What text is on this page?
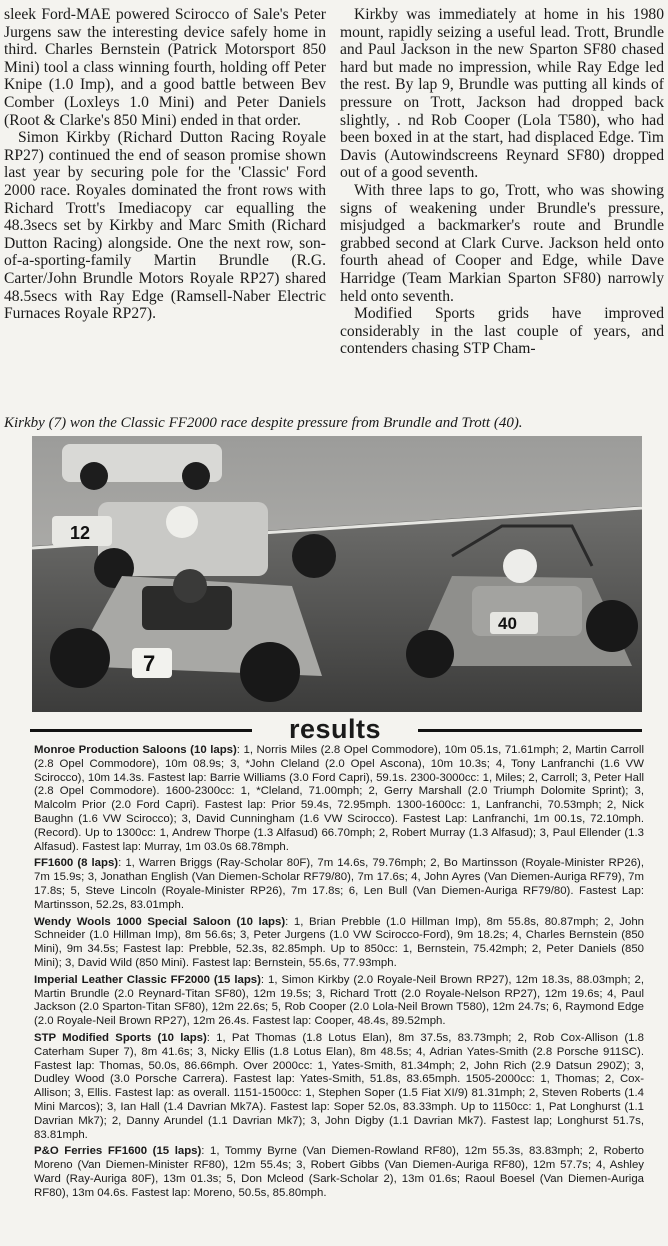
sleek Ford-MAE powered Scirocco of Sale's Peter Jurgens saw the interesting device safely home in third. Charles Bernstein (Patrick Motorsport 850 Mini) tool a class winning fourth, holding off Peter Knipe (1.0 Imp), and a good battle between Bev Comber (Loxleys 1.0 Mini) and Peter Daniels (Root & Clarke's 850 Mini) ended in that order.

Simon Kirkby (Richard Dutton Racing Royale RP27) continued the end of season promise shown last year by securing pole for the 'Classic' Ford 2000 race. Royales dominated the front rows with Richard Trott's Imediacopy car equalling the 48.3secs set by Kirkby and Marc Smith (Richard Dutton Racing) alongside. One the next row, son-of-a-sporting-family Martin Brundle (R.G. Carter/John Brundle Motors Royale RP27) shared 48.5secs with Ray Edge (Ramsell-Naber Electric Furnaces Royale RP27).

Kirkby was immediately at home in his 1980 mount, rapidly seizing a useful lead. Trott, Brundle and Paul Jackson in the new Sparton SF80 chased hard but made no impression, while Ray Edge led the rest. By lap 9, Brundle was putting all kinds of pressure on Trott, Jackson had dropped back slightly, . nd Rob Cooper (Lola T580), who had been boxed in at the start, had displaced Edge. Tim Davis (Autowindscreens Reynard SF80) dropped out of a good seventh.

With three laps to go, Trott, who was showing signs of weakening under Brundle's pressure, misjudged a backmarker's route and Brundle grabbed second at Clark Curve. Jackson held onto fourth ahead of Cooper and Edge, while Dave Harridge (Team Markian Sparton SF80) narrowly held onto seventh.

Modified Sports grids have improved considerably in the last couple of years, and contenders chasing STP Cham-

Kirkby (7) won the Classic FF2000 race despite pressure from Brundle and Trott (40).
12
7
40
results

Monroe Production Saloons (10 laps): 1, Norris Miles (2.8 Opel Commodore), 10m 05.1s, 71.61mph; 2, Martin Carroll (2.8 Opel Commodore), 10m 08.9s; 3, *John Cleland (2.0 Opel Ascona), 10m 10.3s; 4, Tony Lanfranchi (1.6 VW Scirocco), 10m 14.3s. Fastest lap: Barrie Williams (3.0 Ford Capri), 59.1s. 2300-3000cc: 1, Miles; 2, Carroll; 3, Peter Hall (2.8 Opel Commodore). 1600-2300cc: 1, *Cleland, 71.00mph; 2, Gerry Marshall (2.0 Triumph Dolomite Sprint); 3, Malcolm Prior (2.0 Ford Capri). Fastest lap: Prior 59.4s, 72.95mph. 1300-1600cc: 1, Lanfranchi, 70.53mph; 2, Nick Baughn (1.6 VW Scirocco); 3, David Cunningham (1.6 VW Scirocco). Fastest Lap: Lanfranchi, 1m 00.1s, 72.10mph. (Record). Up to 1300cc: 1, Andrew Thorpe (1.3 Alfasud) 66.70mph; 2, Robert Murray (1.3 Alfasud); 3, Paul Ellender (1.3 Alfasud). Fastest lap: Murray, 1m 03.0s 68.78mph.

FF1600 (8 laps): 1, Warren Briggs (Ray-Scholar 80F), 7m 14.6s, 79.76mph; 2, Bo Martinsson (Royale-Minister RP26), 7m 15.9s; 3, Jonathan English (Van Diemen-Scholar RF79/80), 7m 17.6s; 4, John Ayres (Van Diemen-Auriga RF79), 7m 17.8s; 5, Steve Lincoln (Royale-Minister RP26), 7m 17.8s; 6, Len Bull (Van Diemen-Auriga RF79/80). Fastest Lap: Martinsson, 52.2s, 83.01mph.

Wendy Wools 1000 Special Saloon (10 laps): 1, Brian Prebble (1.0 Hillman Imp), 8m 55.8s, 80.87mph; 2, John Schneider (1.0 Hillman Imp), 8m 56.6s; 3, Peter Jurgens (1.0 VW Scirocco-Ford), 9m 18.2s; 4, Charles Bernstein (850 Mini), 9m 34.5s; Fastest lap: Prebble, 52.3s, 82.85mph. Up to 850cc: 1, Bernstein, 75.42mph; 2, Peter Daniels (850 Mini); 3, David Wild (850 Mini). Fastest lap: Bernstein, 55.6s, 77.93mph.

Imperial Leather Classic FF2000 (15 laps): 1, Simon Kirkby (2.0 Royale-Neil Brown RP27), 12m 18.3s, 88.03mph; 2, Martin Brundle (2.0 Reynard-Titan SF80), 12m 19.5s; 3, Richard Trott (2.0 Royale-Nelson RP27), 12m 19.6s; 4, Paul Jackson (2.0 Sparton-Titan SF80), 12m 22.6s; 5, Rob Cooper (2.0 Lola-Neil Brown T580), 12m 24.7s; 6, Raymond Edge (2.0 Royale-Neil Brown RP27), 12m 26.4s. Fastest lap: Cooper, 48.4s, 89.52mph.

STP Modified Sports (10 laps): 1, Pat Thomas (1.8 Lotus Elan), 8m 37.5s, 83.73mph; 2, Rob Cox-Allison (1.8 Caterham Super 7), 8m 41.6s; 3, Nicky Ellis (1.8 Lotus Elan), 8m 48.5s; 4, Adrian Yates-Smith (2.8 Porsche 911SC). Fastest lap: Thomas, 50.0s, 86.66mph. Over 2000cc: 1, Yates-Smith, 81.34mph; 2, John Rich (2.9 Datsun 290Z); 3, Dudley Wood (3.0 Porsche Carrera). Fastest lap: Yates-Smith, 51.8s, 83.65mph. 1505-2000cc: 1, Thomas; 2, Cox-Allison; 3, Ellis. Fastest lap: as overall. 1151-1500cc: 1, Stephen Soper (1.5 Fiat XI/9) 81.31mph; 2, Steven Roberts (1.4 Mini Marcos); 3, Ian Hall (1.4 Davrian Mk7A). Fastest lap: Soper 52.0s, 83.33mph. Up to 1150cc: 1, Pat Longhurst (1.1 Davrian Mk7); 2, Danny Arundel (1.1 Davrian Mk7); 3, John Digby (1.1 Davrian Mk7). Fastest lap; Longhurst 51.7s, 83.81mph.

P&O Ferries FF1600 (15 laps): 1, Tommy Byrne (Van Diemen-Rowland RF80), 12m 55.3s, 83.83mph; 2, Roberto Moreno (Van Diemen-Minister RF80), 12m 55.4s; 3, Robert Gibbs (Van Diemen-Auriga RF80), 12m 57.7s; 4, Ashley Ward (Ray-Auriga 80F), 13m 01.3s; 5, Don Mcleod (Sark-Scholar 2), 13m 01.6s; Raoul Boesel (Van Diemen-Auriga RF80), 13m 04.6s. Fastest lap: Moreno, 50.5s, 85.80mph.
